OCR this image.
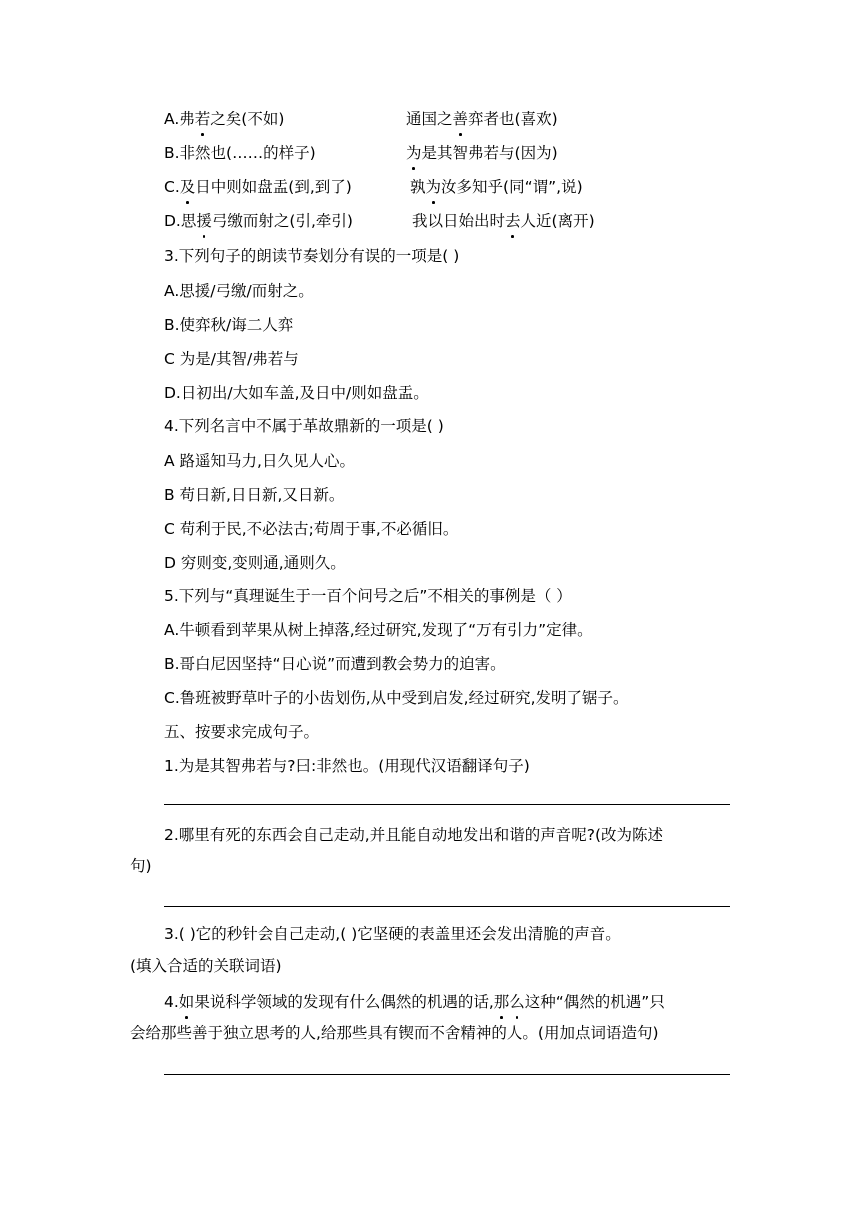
A.弗若之矣(不如)	通国之善弈者也(喜欢)
B.非然也(……的样子)	为是其智弗若与(因为)
C.及日中则如盘盂(到,到了)	孰为汝多知乎(同“谓”,说)
D.思援弓缴而射之(引,牵引)	我以日始出时去人近(离开)
3.下列句子的朗读节奏划分有误的一项是( )
A.思援/弓缴/而射之。
B.使弈秋/诲二人弈
C 为是/其智/弗若与
D.日初出/大如车盖,及日中/则如盘盂。
4.下列名言中不属于革故鼎新的一项是( )
A 路遥知马力,日久见人心。
B 苟日新,日日新,又日新。
C 苟利于民,不必法古;苟周于事,不必循旧。
D 穷则变,变则通,通则久。
5.下列与“真理诞生于一百个问号之后”不相关的事例是（ ）
A.牛顿看到苹果从树上掉落,经过研究,发现了“万有引力”定律。
B.哥白尼因坚持“日心说”而遭到教会势力的迫害。
C.鲁班被野草叶子的小齿划伤,从中受到启发,经过研究,发明了锯子。
五、按要求完成句子。
1.为是其智弗若与?曰:非然也。(用现代汉语翻译句子)
2.哪里有死的东西会自己走动,并且能自动地发出和谐的声音呢?(改为陈述
句)
3.( )它的秒针会自己走动,( )它坚硬的表盖里还会发出清脆的声音。
(填入合适的关联词语)
4.如果说科学领域的发现有什么偶然的机遇的话,那么这种“偶然的机遇”只
会给那些善于独立思考的人,给那些具有锲而不舍精神的人。(用加点词语造句)
